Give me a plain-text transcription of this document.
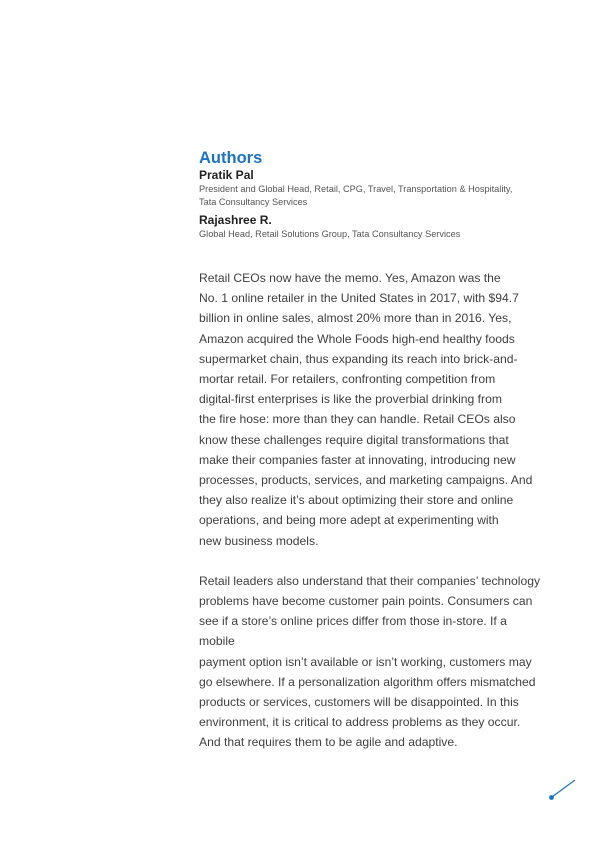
Authors

Pratik Pal

President and Global Head, Retail, CPG, Travel, Transportation & Hospitality,

Tata Consultancy Services

Rajashree R.

Global Head, Retail Solutions Group, Tata Consultancy Services

Retail CEOs now have the memo. Yes, Amazon was the
No. 1 online retailer in the United States in 2017, with $94.7
billion in online sales, almost 20% more than in 2016. Yes,
Amazon acquired the Whole Foods high-end healthy foods
supermarket chain, thus expanding its reach into brick-and-
mortar retail. For retailers, confronting competition from
digital-first enterprises is like the proverbial drinking from
the fire hose: more than they can handle. Retail CEOs also
know these challenges require digital transformations that
make their companies faster at innovating, introducing new
processes, products, services, and marketing campaigns. And
they also realize it’s about optimizing their store and online
operations, and being more adept at experimenting with
new business models.
Retail leaders also understand that their companies’ technology
problems have become customer pain points. Consumers can
see if a store’s online prices differ from those in-store. If a mobile
payment option isn’t available or isn’t working, customers may
go elsewhere. If a personalization algorithm offers mismatched
products or services, customers will be disappointed. In this
environment, it is critical to address problems as they occur.
And that requires them to be agile and adaptive.
